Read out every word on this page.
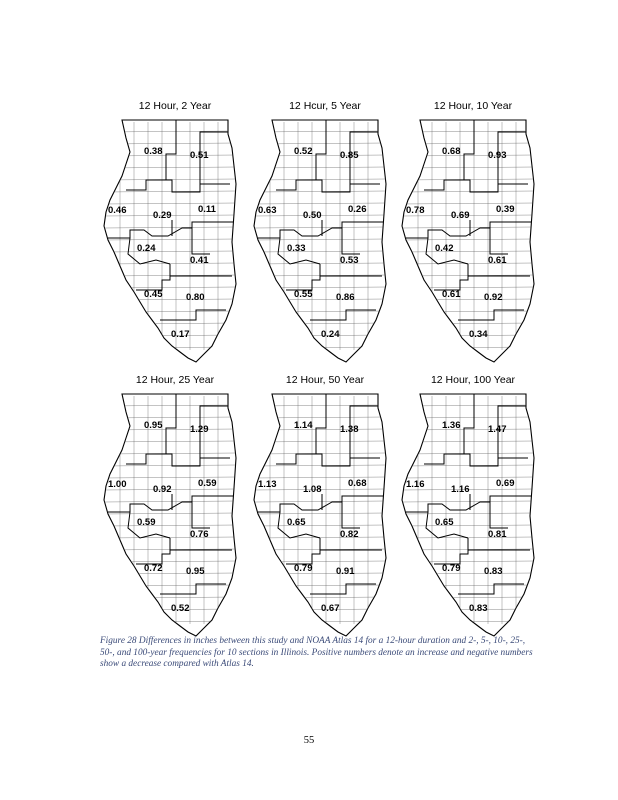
12 Hour, 2 Year
0.38	0.51
0.46	0.29
0.11
0.24
0.41
0.45 0.80
0.17
12 Hcur, 5 Year
0.52	0.85
0.63	0.50
0.26
0.33
0.53
0.55 0.86
0.24
12 Hour, 10 Year
0.68	0.93
0.78	0.69
0.39
0.42
0.61
0.61 0.92
0.34
12 Hour, 25 Year
0.95	1.29
1.00	0.92
0.59
0.59
0.76
0.72 0.95
0.52
12 Hour, 50 Year
1.14	1.38
1.13	1.08
0.68
0.65
0.82
0.79 0.91
0.67
12 Hour, 100 Year
1.36	1.47
1.16	1.16
0.69
0.65
0.81
0.79 0.83
0.83
Figure 28 Differences in inches between this study and NOAA Atlas 14 for a 12-hour duration and 2-, 5-, 10-, 25-, 50-, and 100-year frequencies for 10 sections in Illinois. Positive numbers denote an increase and negative numbers show a decrease compared with Atlas 14.
55
